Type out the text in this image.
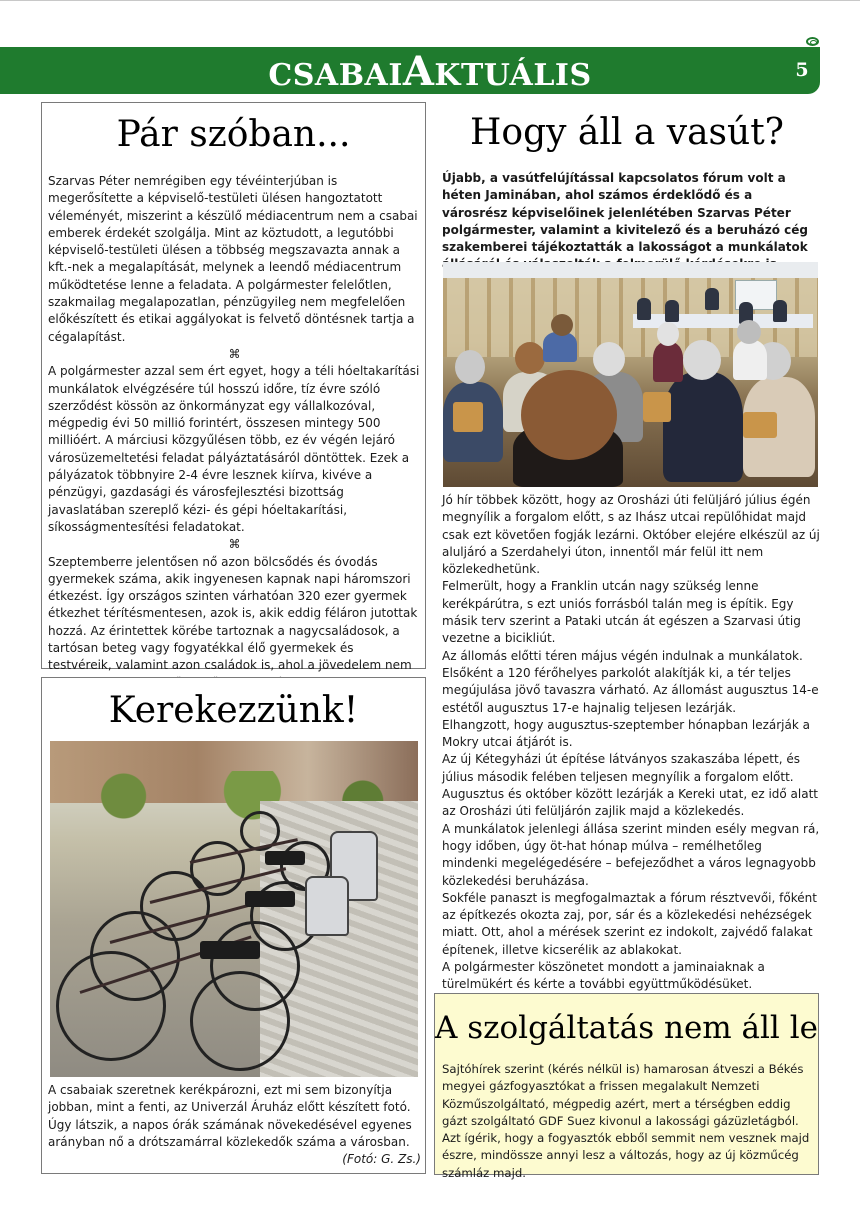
CSABAIAKTUÁLIS	5
Pár szóban...

Szarvas Péter nemrégiben egy tévéinterjúban is megerősítette a képviselő-testületi ülésen hangoztatott véleményét, miszerint a készülő médiacentrum nem a csabai emberek érdekét szolgálja. Mint az köztudott, a legutóbbi képviselő-testületi ülésen a többség megszavazta annak a kft.-nek a megalapítását, melynek a leendő médiacentrum működtetése lenne a feladata. A polgármester felelőtlen, szakmailag megalapozatlan, pénzügyileg nem megfelelően előkészített és etikai aggályokat is felvető döntésnek tartja a cégalapítást.

⌘

A polgármester azzal sem ért egyet, hogy a téli hóeltakarítási munkálatok elvégzésére túl hosszú időre, tíz évre szóló szerződést kössön az önkormányzat egy vállalkozóval, mégpedig évi 50 millió forintért, összesen mintegy 500 millióért. A márciusi közgyűlésen több, ez év végén lejáró városüzemeltetési feladat pályáztatásáról döntöttek. Ezek a pályázatok többnyire 2-4 évre lesznek kiírva, kivéve a pénzügyi, gazdasági és városfejlesztési bizottság javaslatában szereplő kézi- és gépi hóeltakarítási, síkosságmentesítési feladatokat.

⌘

Szeptemberre jelentősen nő azon bölcsődés és óvodás gyermekek száma, akik ingyenesen kapnak napi háromszori étkezést. Így országos szinten várhatóan 320 ezer gyermek étkezhet térítésmentesen, azok is, akik eddig féláron jutottak hozzá. Az érintettek körébe tartoznak a nagycsaládosok, a tartósan beteg vagy fogyatékkal élő gyermekek és testvéreik, valamint azon családok is, ahol a jövedelem nem

Kerekezzünk!
A csabaiak szeretnek kerékpározni, ezt mi sem bizonyítja jobban, mint a fenti, az Univerzál Áruház előtt készített fotó. Úgy látszik, a napos órák számának növekedésével egyenes arányban nő a drótszamárral közlekedők száma a városban.
(Fotó: G. Zs.)
Hogy áll a vasút?
Újabb, a vasútfelújítással kapcsolatos fórum volt a héten Jaminában, ahol számos érdeklődő és a városrész képviselőinek jelenlétében Szarvas Péter polgármester, valamint a kivitelező és a beruházó cég szakemberei tájékoztatták a lakosságot a munkálatok

Jó hír többek között, hogy az Orosházi úti felüljáró július égén megnyílik a forgalom előtt, s az Ihász utcai repülőhidat majd csak ezt követően fogják lezárni. Október elejére elkészül az új aluljáró a Szerdahelyi úton, innentől már felül itt nem közlekedhetünk.

Felmerült, hogy a Franklin utcán nagy szükség lenne kerékpárútra, s ezt uniós forrásból talán meg is építik. Egy másik terv szerint a Pataki utcán át egészen a Szarvasi útig vezetne a bicikliút.

Az állomás előtti téren május végén indulnak a munkálatok. Elsőként a 120 férőhelyes parkolót alakítják ki, a tér teljes megújulása jövő tavaszra várható. Az állomást augusztus 14-e estétől augusztus 17-e hajnalig teljesen lezárják.

Elhangzott, hogy augusztus-szeptember hónapban lezárják a Mokry utcai átjárót is.

Az új Kétegyházi út építése látványos szakaszába lépett, és július második felében teljesen megnyílik a forgalom előtt. Augusztus és október között lezárják a Kereki utat, ez idő alatt az Orosházi úti felüljárón zajlik majd a közlekedés.

A munkálatok jelenlegi állása szerint minden esély megvan rá, hogy időben, úgy öt-hat hónap múlva – remélhetőleg mindenki megelégedésére – befejeződhet a város legnagyobb közlekedési beruházása.

Sokféle panaszt is megfogalmaztak a fórum résztvevői, főként az építkezés okozta zaj, por, sár és a közlekedési nehézségek miatt. Ott, ahol a mérések szerint ez indokolt, zajvédő falakat építenek, illetve kicserélik az ablakokat.

A polgármester köszönetet mondott a jaminaiaknak a türelmükért és kérte a további együttműködésüket.

A szolgáltatás nem áll le
Sajtóhírek szerint (kérés nélkül is) hamarosan átveszi a Békés megyei gázfogyasztókat a frissen megalakult Nemzeti Közműszolgáltató, mégpedig azért, mert a térségben eddig gázt szolgáltató GDF Suez kivonul a lakossági gázüzletágból. Azt ígérik, hogy a fogyasztók ebből semmit nem vesznek majd észre, mindössze annyi lesz a változás, hogy az új közműcég számláz majd.
